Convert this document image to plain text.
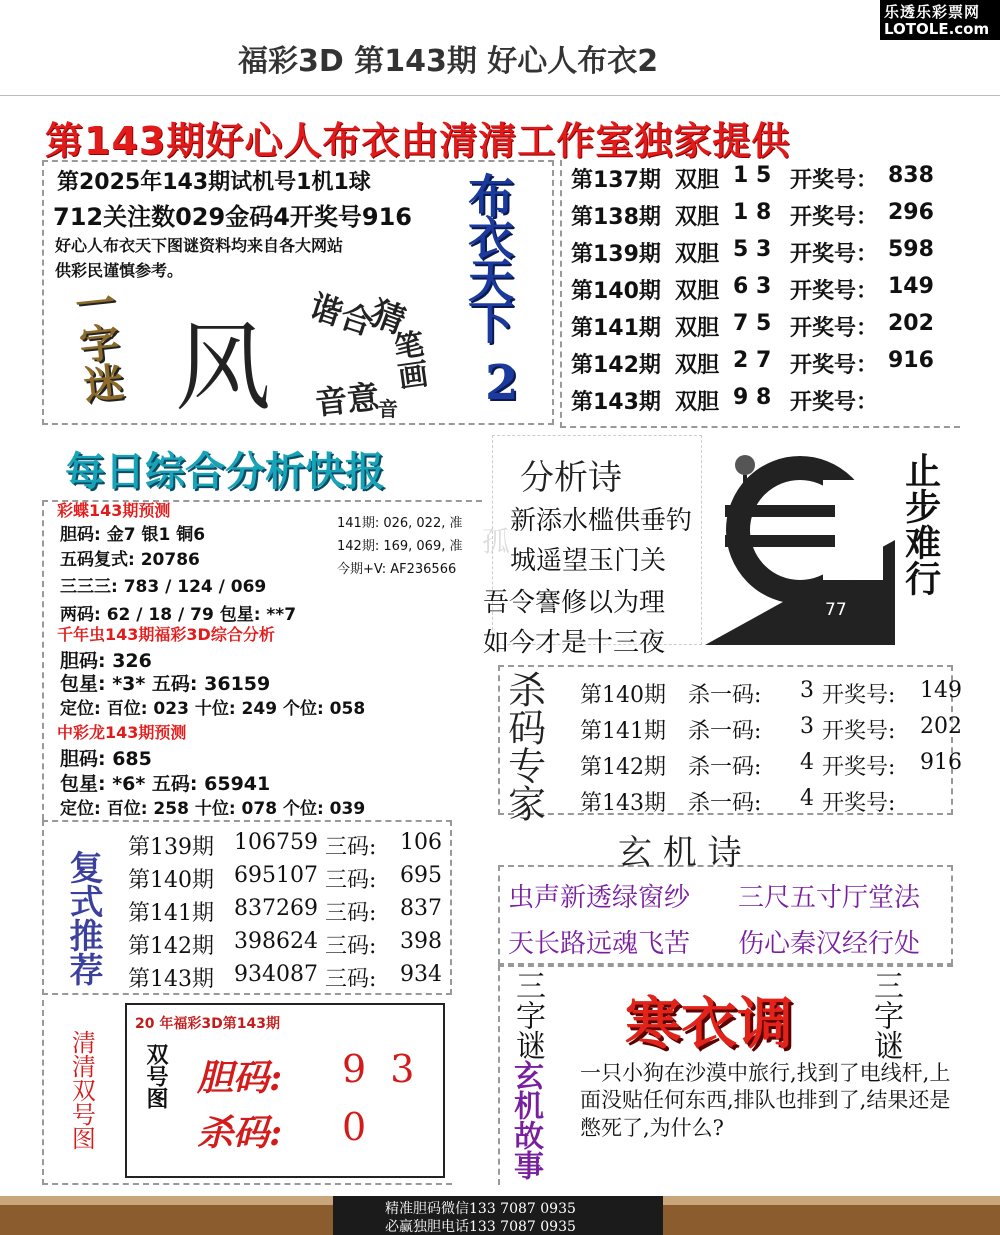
福彩3D 第143期 好心人布衣2
乐透乐彩票网
LOTOLE.com
第143期好心人布衣由清清工作室独家提供
第2025年143期试机号1机1球
712关注数029金码4开奖号916
好心人布衣天下图谜资料均来自各大网站
供彩民谨慎参考。
一字迷 风	猜
谐合
笔画
音意
音
布衣天下
2
第137期 双胆 1 5 开奖号： 838
第138期 双胆 1 8 开奖号： 296
第139期 双胆 5 3 开奖号： 598
第140期 双胆 6 3 开奖号： 149
第141期 双胆 7 5 开奖号： 202
第142期 双胆 2 7 开奖号： 916
第143期 双胆 9 8 开奖号：
每日综合分析快报
彩蝶143期预测
胆码: 金7 银1 铜6
五码复式: 20786
三三三: 783 / 124 / 069
两码: 62 / 18 / 79 包星: **7
141期: 026, 022, 准
142期: 169, 069, 准
今期+V: AF236566
千年虫143期福彩3D综合分析
胆码: 326
包星: *3* 五码: 36159
定位: 百位: 023 十位: 249 个位: 058
中彩龙143期预测
胆码: 685
包星: *6* 五码: 65941
定位: 百位: 258 十位: 078 个位: 039
分析诗
孤
新添水槛供垂钓
城遥望玉门关
吾令謇修以为理
如今才是十三夜
77
止步难行
杀码专家 第140期 杀一码: 3 开奖号: 149
第141期 杀一码: 3 开奖号: 202
第142期 杀一码: 4 开奖号: 916
第143期 杀一码: 4 开奖号:
复式推荐
第139期 106759 三码: 106
第140期 695107 三码: 695
第141期 837269 三码: 837
第142期 398624 三码: 398
第143期 934087 三码: 934
玄 机 诗
虫声新透绿窗纱 三尺五寸厅堂法
天长路远魂飞苦 伤心秦汉经行处
清清双号图
20 年福彩3D第143期
双号图 胆码: 9 3
杀码: 0
三字谜
玄机故事
三字谜
寒衣调
一只小狗在沙漠中旅行,找到了电线杆,上面没贴任何东西,排队也排到了,结果还是憋死了,为什么?
精准胆码微信133 7087 0935
必赢独胆电话133 7087 0935
